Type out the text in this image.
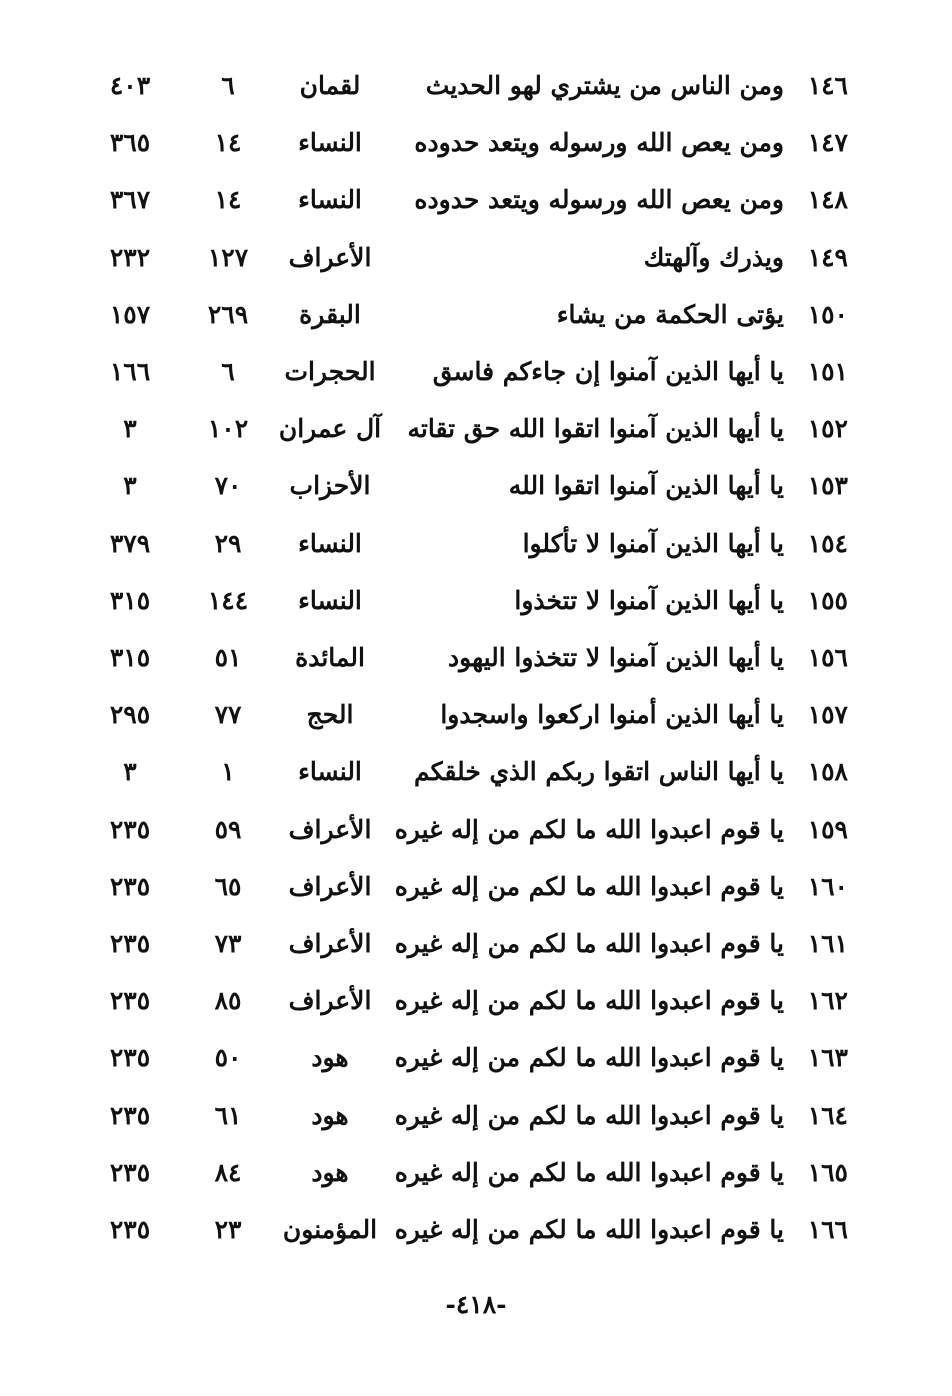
١٤٦
ومن الناس من يشتري لهو الحديث
لقمان
٦
٤٠٣
١٤٧
ومن يعص الله ورسوله ويتعد حدوده
النساء
١٤
٣٦٥
١٤٨
ومن يعص الله ورسوله ويتعد حدوده
النساء
١٤
٣٦٧
١٤٩
ويذرك وآلهتك
الأعراف
١٢٧
٢٣٢
١٥٠
يؤتى الحكمة من يشاء
البقرة
٢٦٩
١٥٧
١٥١
يا أيها الذين آمنوا إن جاءكم فاسق
الحجرات
٦
١٦٦
١٥٢
يا أيها الذين آمنوا اتقوا الله حق تقاته
آل عمران
١٠٢
٣
١٥٣
يا أيها الذين آمنوا اتقوا الله
الأحزاب
٧٠
٣
١٥٤
يا أيها الذين آمنوا لا تأكلوا
النساء
٢٩
٣٧٩
١٥٥
يا أيها الذين آمنوا لا تتخذوا
النساء
١٤٤
٣١٥
١٥٦
يا أيها الذين آمنوا لا تتخذوا اليهود
المائدة
٥١
٣١٥
١٥٧
يا أيها الذين أمنوا اركعوا واسجدوا
الحج
٧٧
٢٩٥
١٥٨
يا أيها الناس اتقوا ربكم الذي خلقكم
النساء
١
٣
١٥٩
يا قوم اعبدوا الله ما لكم من إله غيره
الأعراف
٥٩
٢٣٥
١٦٠
يا قوم اعبدوا الله ما لكم من إله غيره
الأعراف
٦٥
٢٣٥
١٦١
يا قوم اعبدوا الله ما لكم من إله غيره
الأعراف
٧٣
٢٣٥
١٦٢
يا قوم اعبدوا الله ما لكم من إله غيره
الأعراف
٨٥
٢٣٥
١٦٣
يا قوم اعبدوا الله ما لكم من إله غيره
هود
٥٠
٢٣٥
١٦٤
يا قوم اعبدوا الله ما لكم من إله غيره
هود
٦١
٢٣٥
١٦٥
يا قوم اعبدوا الله ما لكم من إله غيره
هود
٨٤
٢٣٥
١٦٦
يا قوم اعبدوا الله ما لكم من إله غيره
المؤمنون
٢٣
٢٣٥
-٤١٨-
